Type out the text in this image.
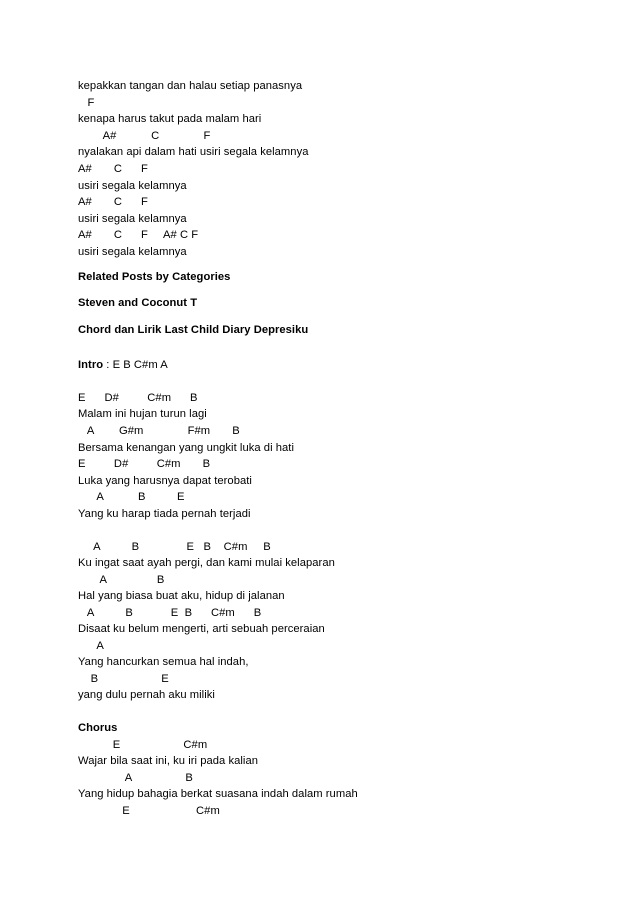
kepakkan tangan dan halau setiap panasnya
F
kenapa harus takut pada malam hari
A#           C              F
nyalakan api dalam hati usiri segala kelamnya
A#       C      F
usiri segala kelamnya
A#       C      F
usiri segala kelamnya
A#       C      F     A# C F
usiri segala kelamnya
Related Posts by Categories
Steven and Coconut T
Chord dan Lirik Last Child Diary Depresiku
Intro : E B C#m A
E      D#         C#m      B
Malam ini hujan turun lagi
A        G#m              F#m       B
Bersama kenangan yang ungkit luka di hati
E         D#         C#m       B
Luka yang harusnya dapat terobati
A           B          E
Yang ku harap tiada pernah terjadi
A          B               E   B    C#m     B
Ku ingat saat ayah pergi, dan kami mulai kelaparan
A                B
Hal yang biasa buat aku, hidup di jalanan
A          B            E  B      C#m      B
Disaat ku belum mengerti, arti sebuah perceraian
A
Yang hancurkan semua hal indah,
B                    E
yang dulu pernah aku miliki
Chorus
E                    C#m
Wajar bila saat ini, ku iri pada kalian
A                 B
Yang hidup bahagia berkat suasana indah dalam rumah
E                     C#m
